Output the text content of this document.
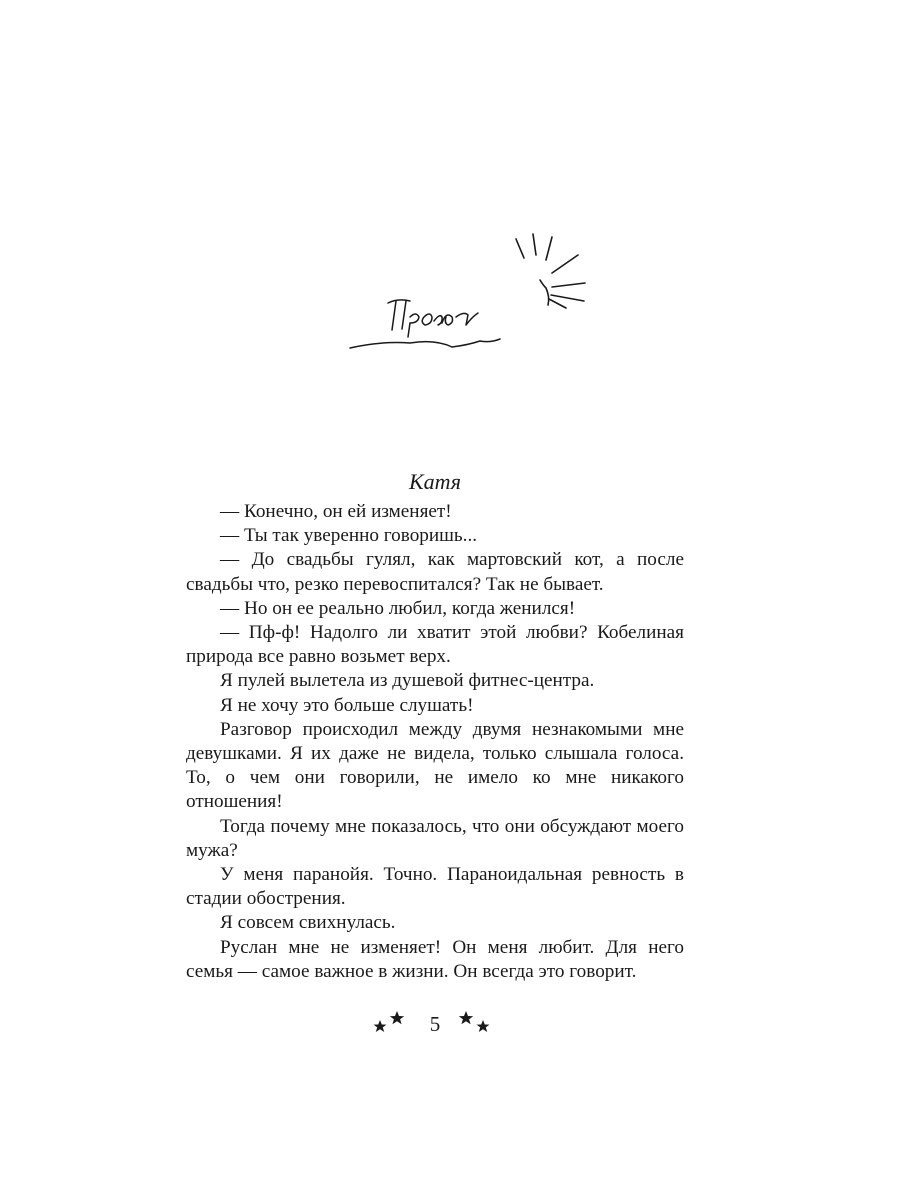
Катя

— Конечно, он ей изменяет!

— Ты так уверенно говоришь...

— До свадьбы гулял, как мартовский кот, а после свадьбы что, резко перевоспитался? Так не бывает.

— Но он ее реально любил, когда женился!

— Пф-ф! Надолго ли хватит этой любви? Кобелиная природа все равно возьмет верх.

Я пулей вылетела из душевой фитнес-центра.

Я не хочу это больше слушать!

Разговор происходил между двумя незнакомыми мне девушками. Я их даже не видела, только слышала голоса. То, о чем они говорили, не имело ко мне никакого отношения!

Тогда почему мне показалось, что они обсуждают моего мужа?

У меня паранойя. Точно. Параноидальная ревность в стадии обострения.

Я совсем свихнулась.

Руслан мне не изменяет! Он меня любит. Для него семья — самое важное в жизни. Он всегда это говорит.

5
